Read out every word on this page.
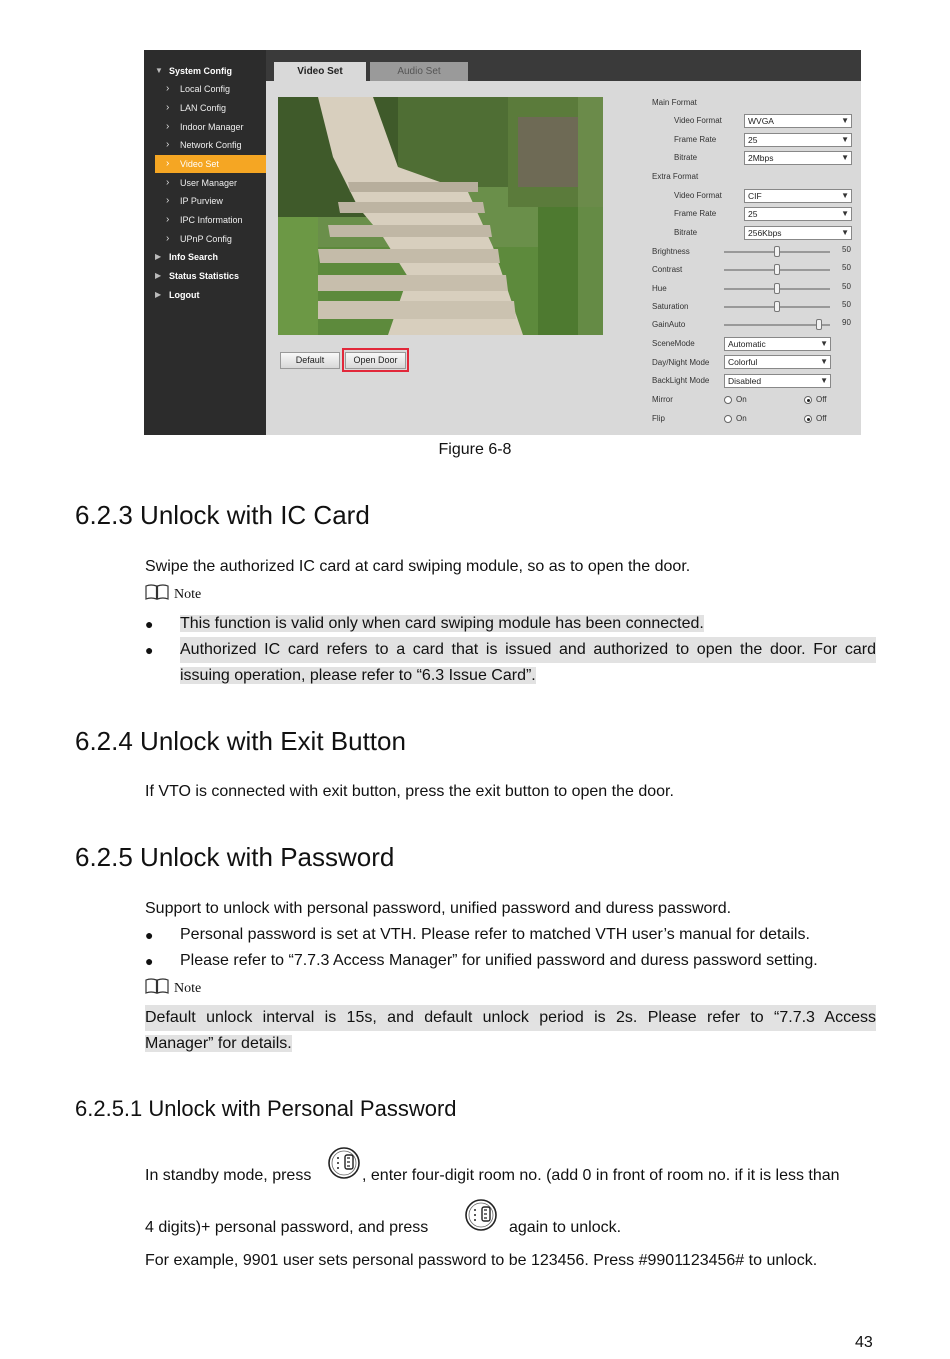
▼ System Config
› Local Config
› LAN Config
› Indoor Manager
› Network Config
› Video Set
› User Manager
› IP Purview
› IPC Information
› UPnP Config
▶ Info Search
▶ Status Statistics
▶ Logout
Video Set	Audio Set
Default	Open Door
Main Format
Video Format	WVGA	▼
Frame Rate	25	▼
Bitrate	2Mbps	▼
Extra Format
Video Format	CIF	▼
Frame Rate	25	▼
Bitrate	256Kbps	▼
Brightness	50
Contrast	50
Hue	50
Saturation	50
GainAuto	90
SceneMode	Automatic	▼
Day/Night Mode	Colorful	▼
BackLight Mode	Disabled	▼
Mirror	On	Off
Flip	On	Off
Figure 6-8
6.2.3 Unlock with IC Card
Swipe the authorized IC card at card swiping module, so as to open the door.
Note
● This function is valid only when card swiping module has been connected.
● Authorized IC card refers to a card that is issued and authorized to open the door. For card
issuing operation, please refer to “6.3 Issue Card”.
6.2.4 Unlock with Exit Button
If VTO is connected with exit button, press the exit button to open the door.
6.2.5 Unlock with Password
Support to unlock with personal password, unified password and duress password.
● Personal password is set at VTH. Please refer to matched VTH user’s manual for details.
● Please refer to “7.7.3 Access Manager” for unified password and duress password setting.
Note
Default unlock interval is 15s, and default unlock period is 2s. Please refer to “7.7.3 Access
Manager” for details.
6.2.5.1 Unlock with Personal Password
In standby mode, press	, enter four-digit room no. (add 0 in front of room no. if it is less than
4 digits)+ personal password, and press	again to unlock.
For example, 9901 user sets personal password to be 123456. Press #9901123456# to unlock.
43
